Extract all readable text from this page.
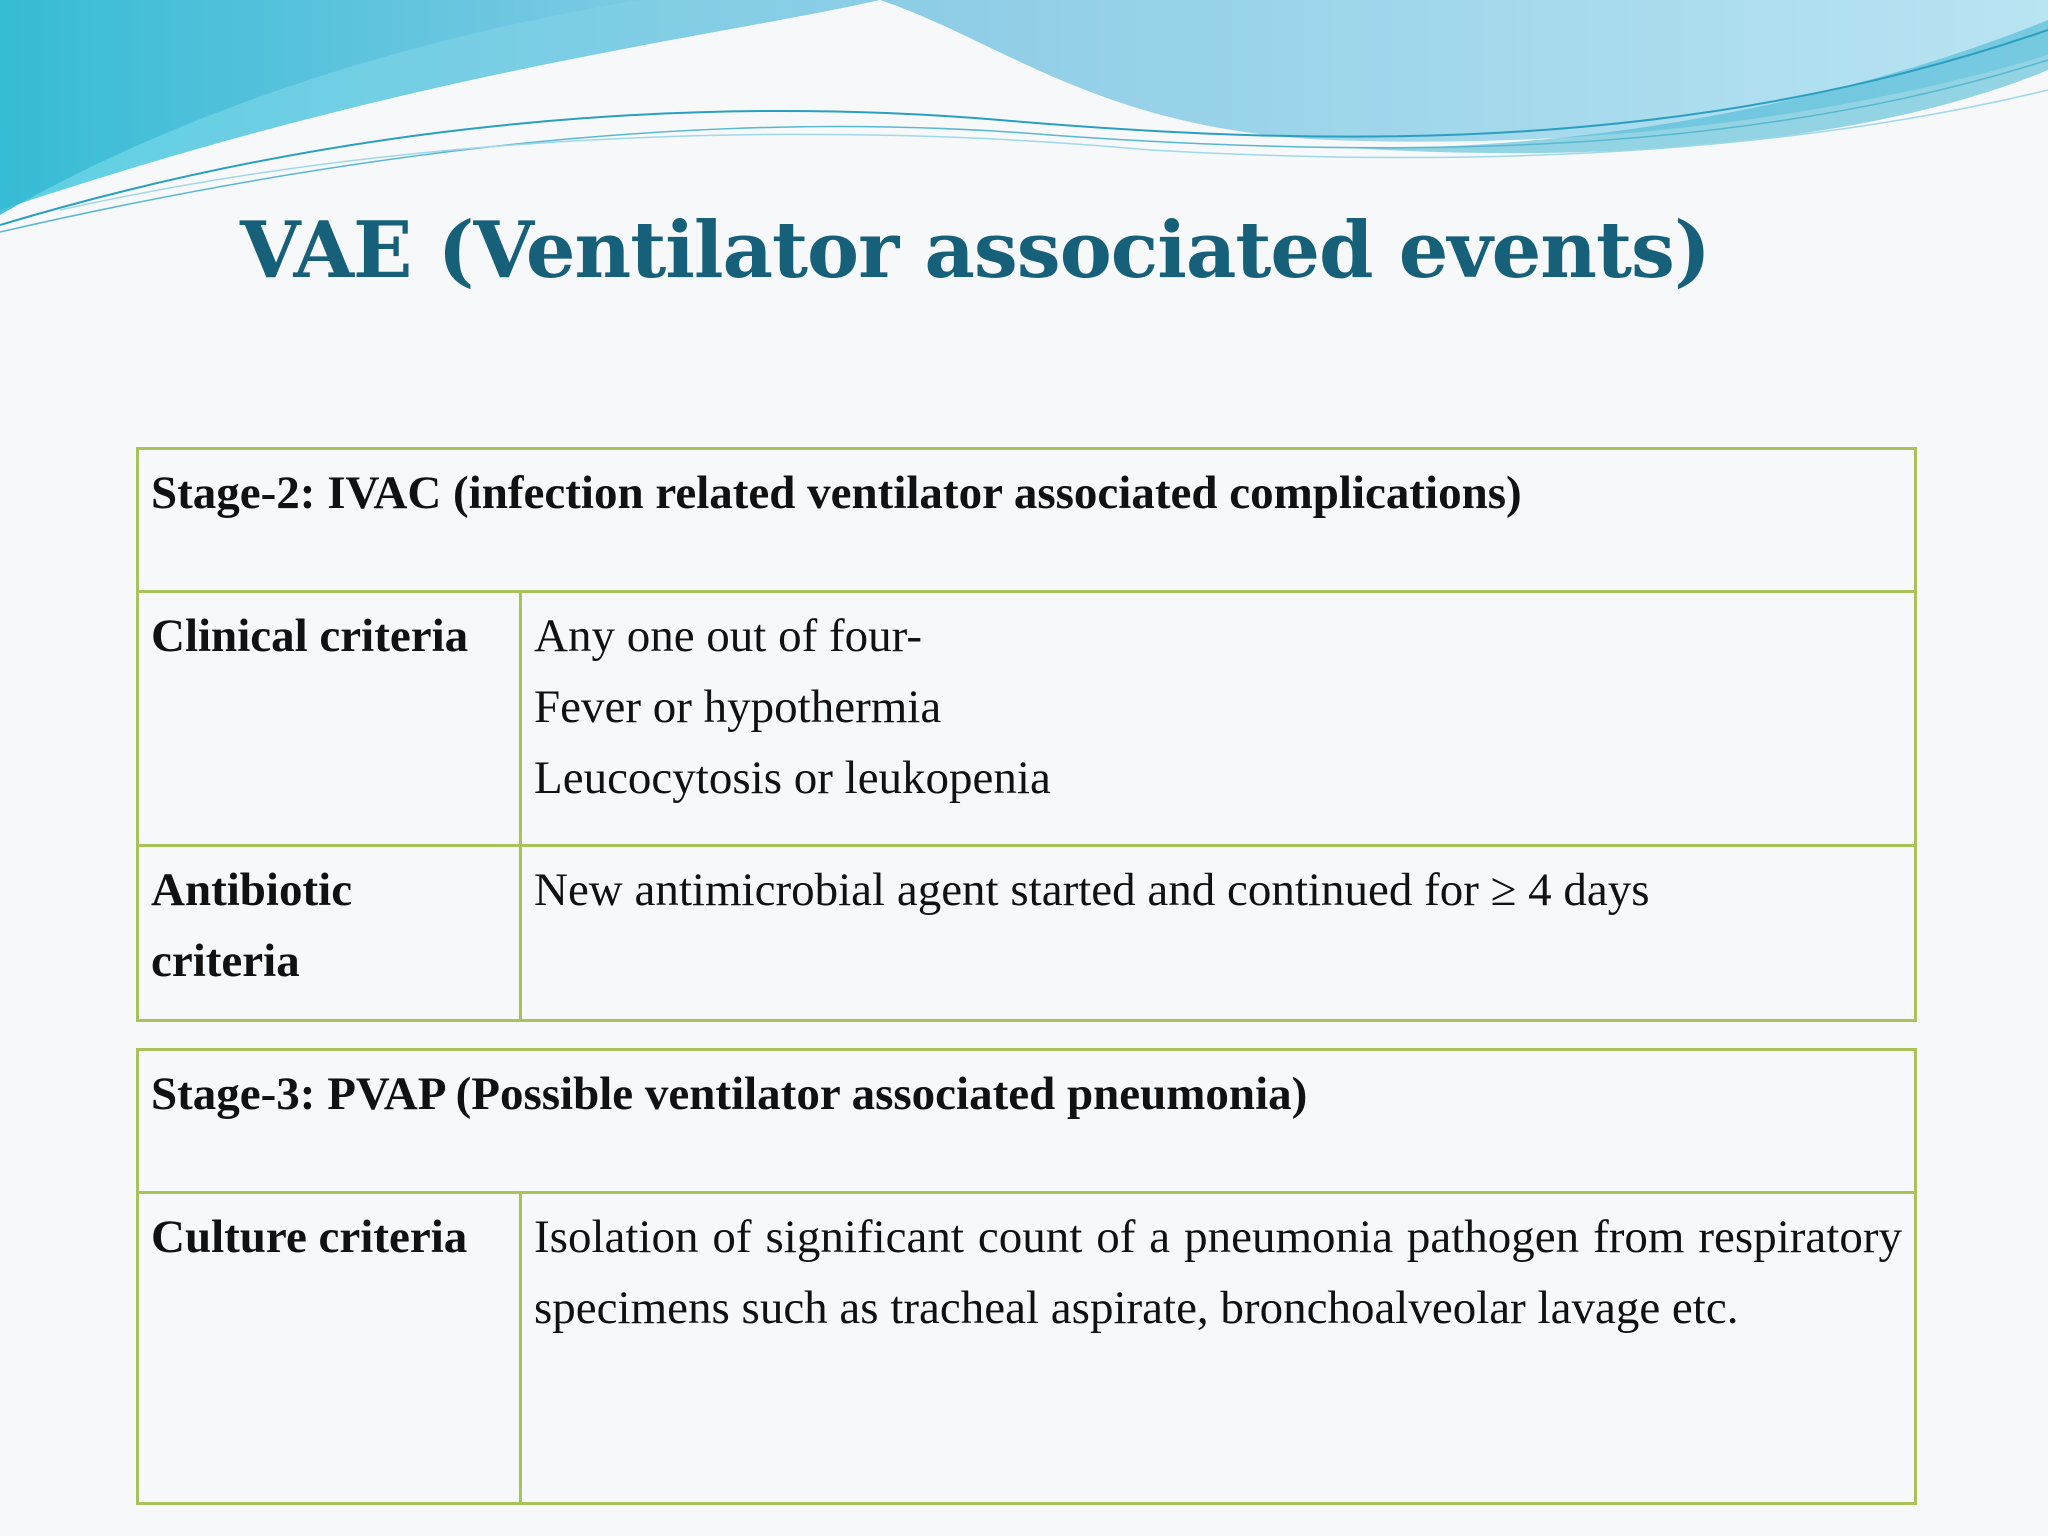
VAE (Ventilator associated events)
Stage-2: IVAC (infection related ventilator associated complications)	
Clinical criteria	Any one out of four-
Fever or hypothermia
Leucocytosis or leukopenia

Antibiotic criteria	New antimicrobial agent started and continued for ≥ 4 days
Stage-3: PVAP (Possible ventilator associated pneumonia)
Culture criteria	Isolation of significant count of a pneumonia pathogen from respiratory specimens such as tracheal aspirate, bronchoalveolar lavage etc.
